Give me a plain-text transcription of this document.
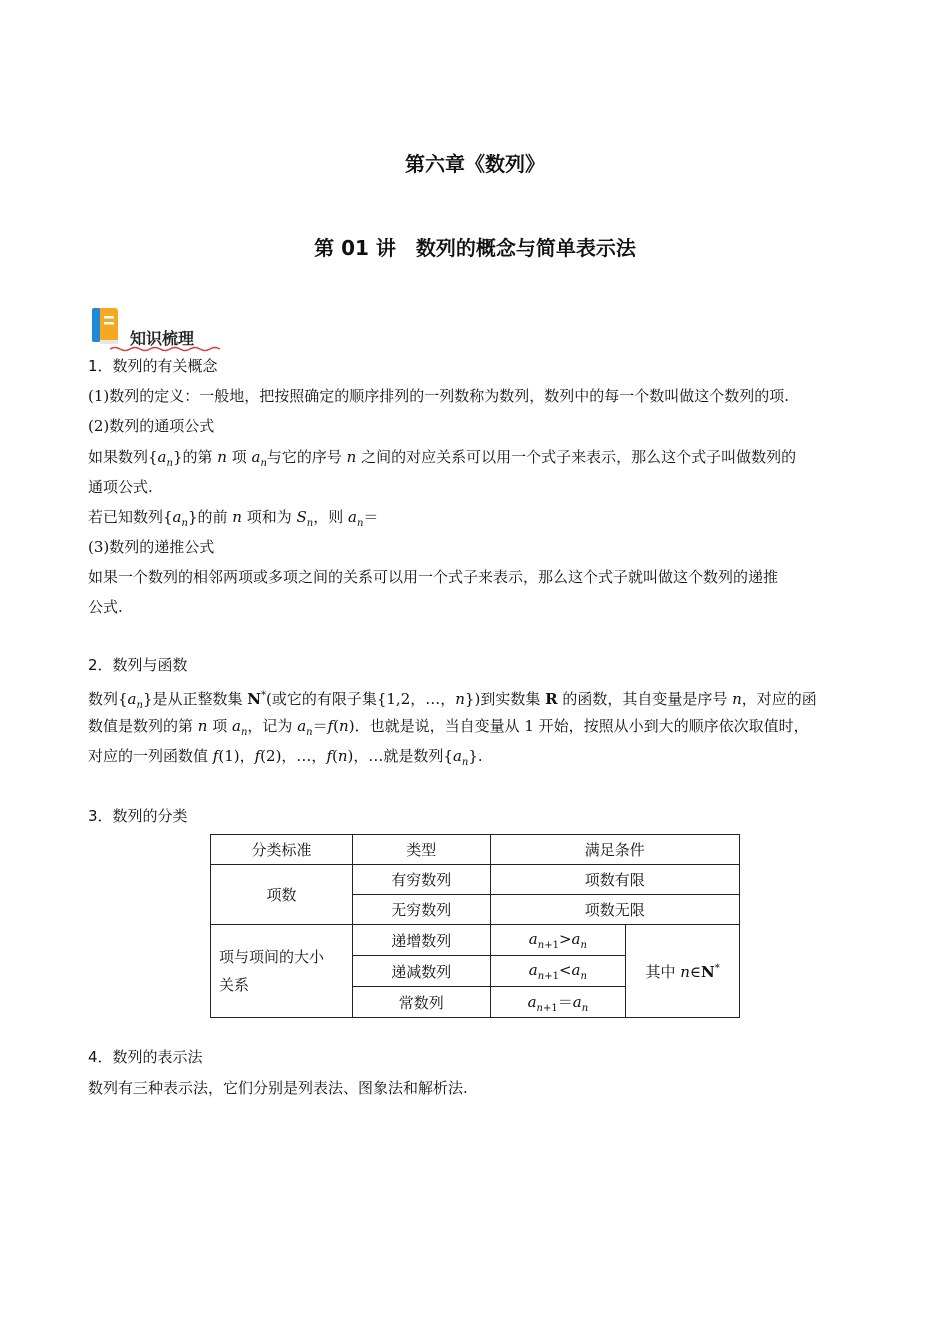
第六章《数列》
第 01 讲　数列的概念与简单表示法
知识梳理
1．数列的有关概念
(1)数列的定义：一般地，把按照确定的顺序排列的一列数称为数列，数列中的每一个数叫做这个数列的项.
(2)数列的通项公式
如果数列$\{a_n\}$的第 n 项 $a_n$与它的序号 n 之间的对应关系可以用一个式子来表示，那么这个式子叫做数列的
通项公式.
若已知数列$\{a_n\}$的前 n 项和为 $S_n$，则 $a_n=$
(3)数列的递推公式
如果一个数列的相邻两项或多项之间的关系可以用一个式子来表示，那么这个式子就叫做这个数列的递推
公式.
2．数列与函数
数列$\{a_n\}$是从正整数集 N*(或它的有限子集{1,2，…，n})到实数集 R 的函数，其自变量是序号 n，对应的函
数值是数列的第 n 项 $a_n$，记为 $a_n=f(n)$．也就是说，当自变量从 1 开始，按照从小到大的顺序依次取值时，
对应的一列函数值 f(1)，f(2)，…，f(n)，…就是数列$\{a_n\}$.
3．数列的分类
分类标准	类型	满足条件	
项数	有穷数列	项数有限	
	无穷数列	项数无限	

项与项间的大小关系	递增数列	$a_{n+1}>a_n$	其中 n∈N*
	递减数列	$a_{n+1}<a_n$
	常数列	$a_{n+1}=a_n$
4．数列的表示法
数列有三种表示法，它们分别是列表法、图象法和解析法.
